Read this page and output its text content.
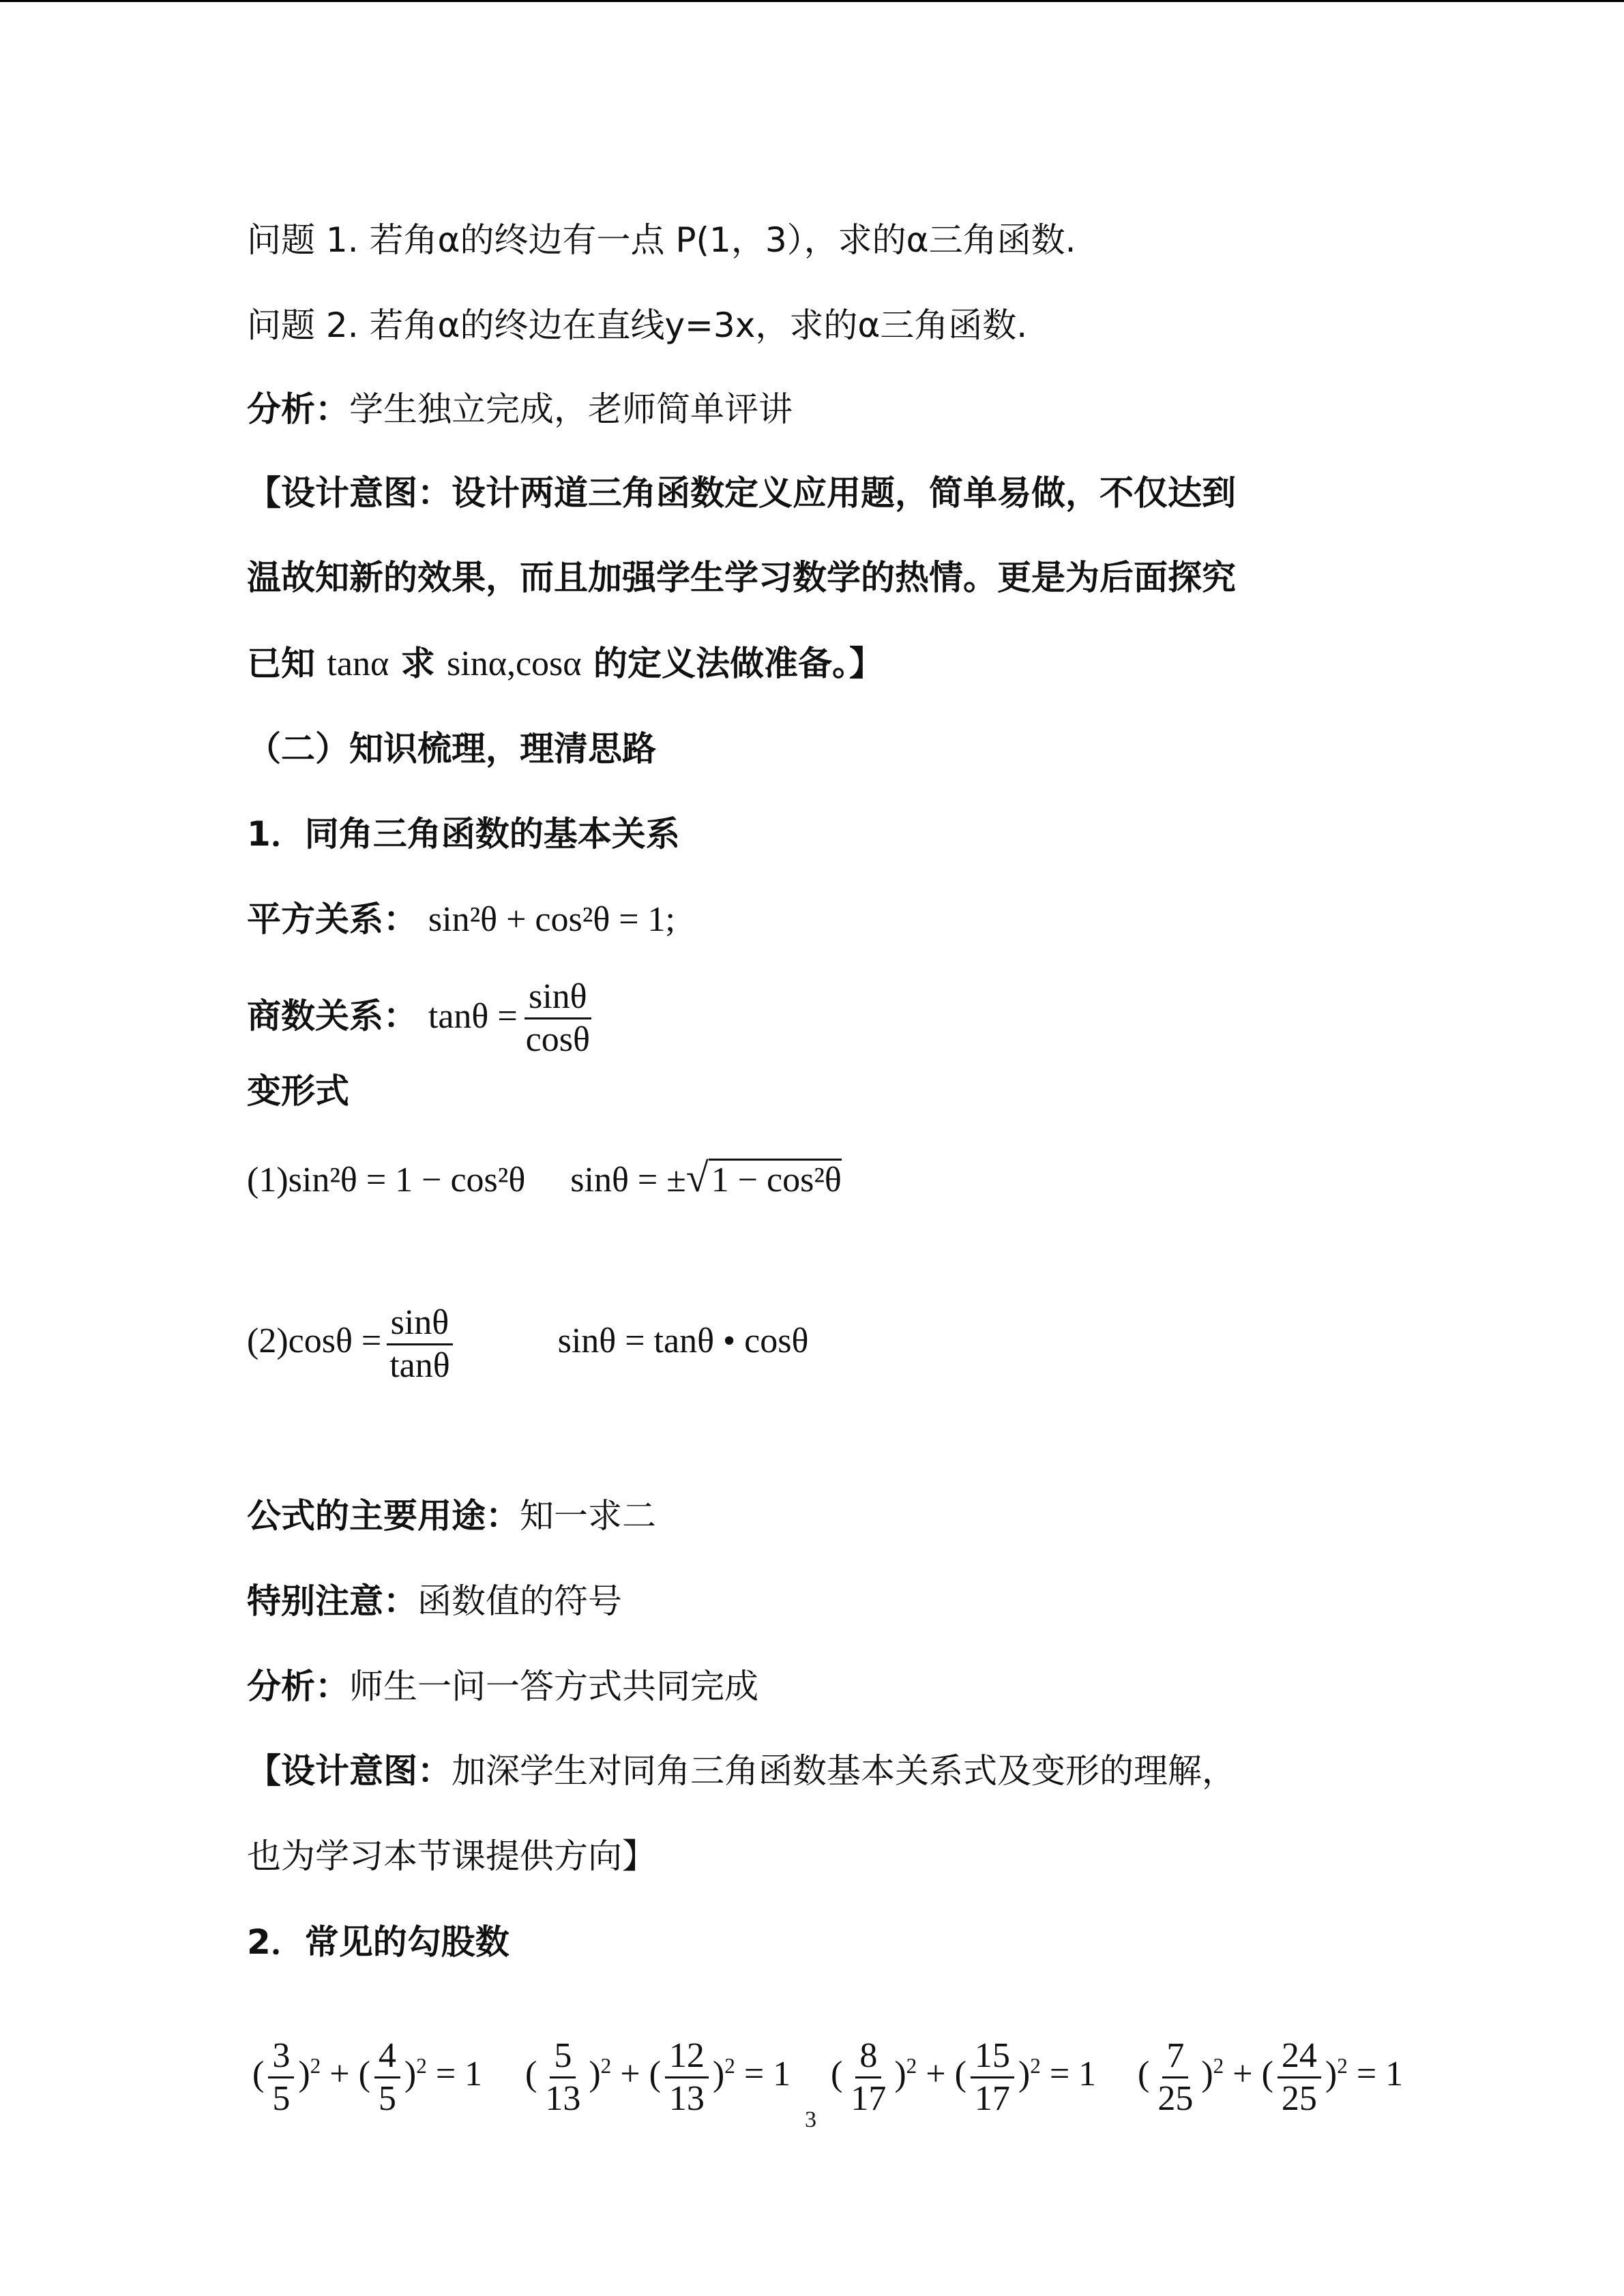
问题 1. 若角α的终边有一点 P(1，3），求的α三角函数.
问题 2. 若角α的终边在直线y=3x，求的α三角函数.
分析：学生独立完成，老师简单评讲
【设计意图：设计两道三角函数定义应用题，简单易做，不仅达到
温故知新的效果，而且加强学生学习数学的热情。更是为后面探究
已知 tanα 求 sinα,cosα 的定义法做准备。】
（二）知识梳理，理清思路
1．同角三角函数的基本关系
平方关系： sin²θ + cos²θ = 1;
商数关系： $\tan\theta = \frac{\sin\theta}{\cos\theta}$
变形式
(1)sin²θ = 1 − cos²θ sinθ = ±√1 − cos²θ
$(2)\cos\theta = \frac{\sin\theta}{\tan\theta}$	sinθ = tanθ • cosθ
公式的主要用途：知一求二
特别注意：函数值的符号
分析：师生一问一答方式共同完成
【设计意图：加深学生对同角三角函数基本关系式及变形的理解，
也为学习本节课提供方向】
2．常见的勾股数
( $\frac{3}{5} )^2$ + ( $\frac{4}{5} )^2 = 1$ ( $\frac{5}{13} )^2$ + ( $\frac{12}{13} )^2 = 1$ ( $\frac{8}{17} )^2$ + ( $\frac{15}{17} )^2 = 1$ ( $\frac{7}{25} )^2$ + ( $\frac{24}{25} )^2 = 1$
3
